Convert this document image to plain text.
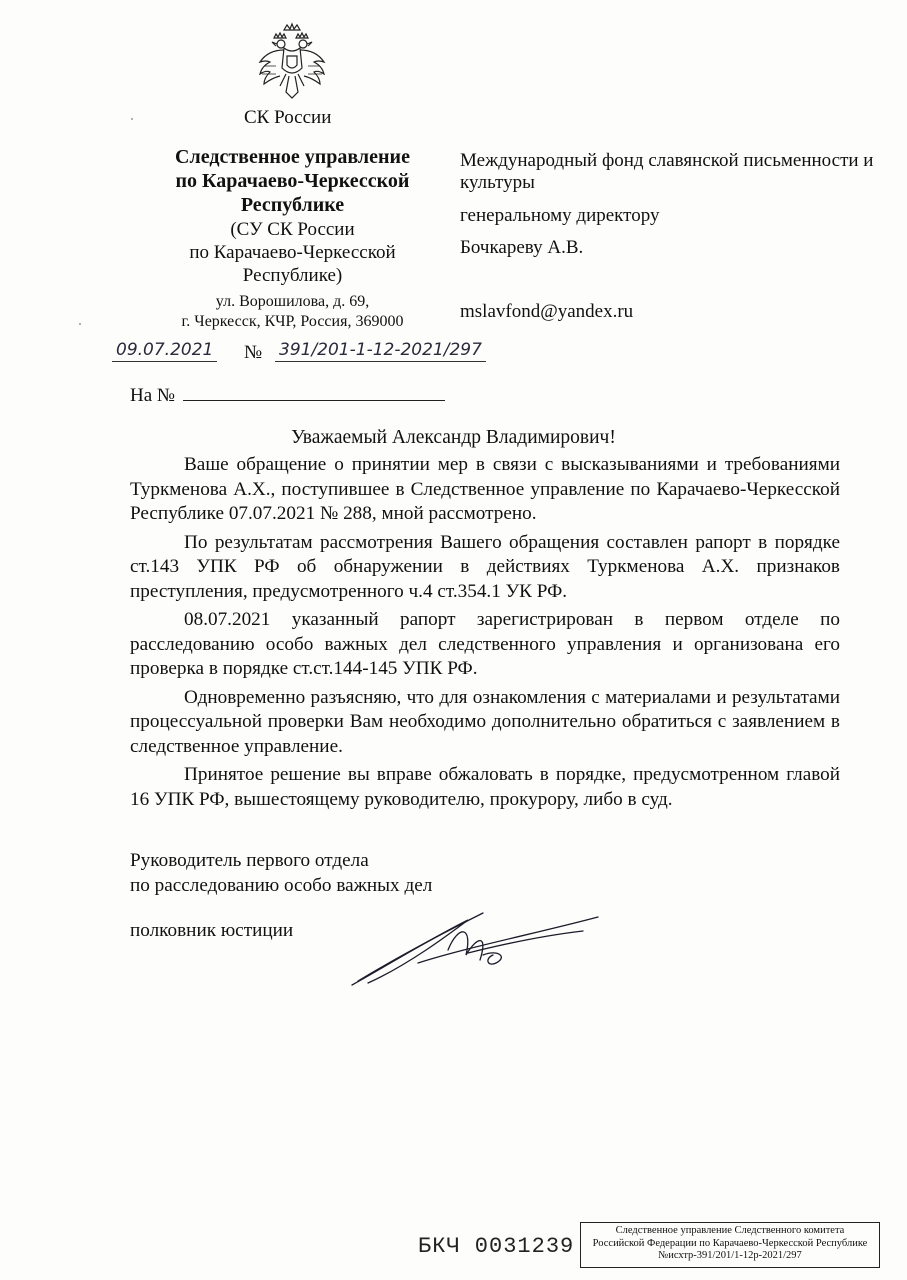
СК России
Следственное управление
по Карачаево-Черкесской
Республике
(СУ СК России
по Карачаево-Черкесской
Республике)
ул. Ворошилова, д. 69,
г. Черкесск, КЧР, Россия, 369000
Международный фонд славянской письменности и культуры
генеральному директору
Бочкареву А.В.
mslavfond@yandex.ru
09.07.2021 № 391/201-1-12-2021/297
На №
Уважаемый Александр Владимирович!

Ваше обращение о принятии мер в связи с высказываниями и требованиями Туркменова А.Х., поступившее в Следственное управление по Карачаево-Черкесской Республике 07.07.2021 № 288, мной рассмотрено.

По результатам рассмотрения Вашего обращения составлен рапорт в порядке ст.143 УПК РФ об обнаружении в действиях Туркменова А.Х. признаков преступления, предусмотренного ч.4 ст.354.1 УК РФ.

08.07.2021 указанный рапорт зарегистрирован в первом отделе по расследованию особо важных дел следственного управления и организована его проверка в порядке ст.ст.144-145 УПК РФ.

Одновременно разъясняю, что для ознакомления с материалами и результатами процессуальной проверки Вам необходимо дополнительно обратиться с заявлением в следственное управление.

Принятое решение вы вправе обжаловать в порядке, предусмотренном главой 16 УПК РФ, вышестоящему руководителю, прокурору, либо в суд.

Руководитель первого отдела
по расследованию особо важных дел
полковник юстиции
БКЧ 0031239
Следственное управление Следственного комитета
Российской Федерации по Карачаево-Черкесской Республике
№исхтр-391/201/1-12р-2021/297
